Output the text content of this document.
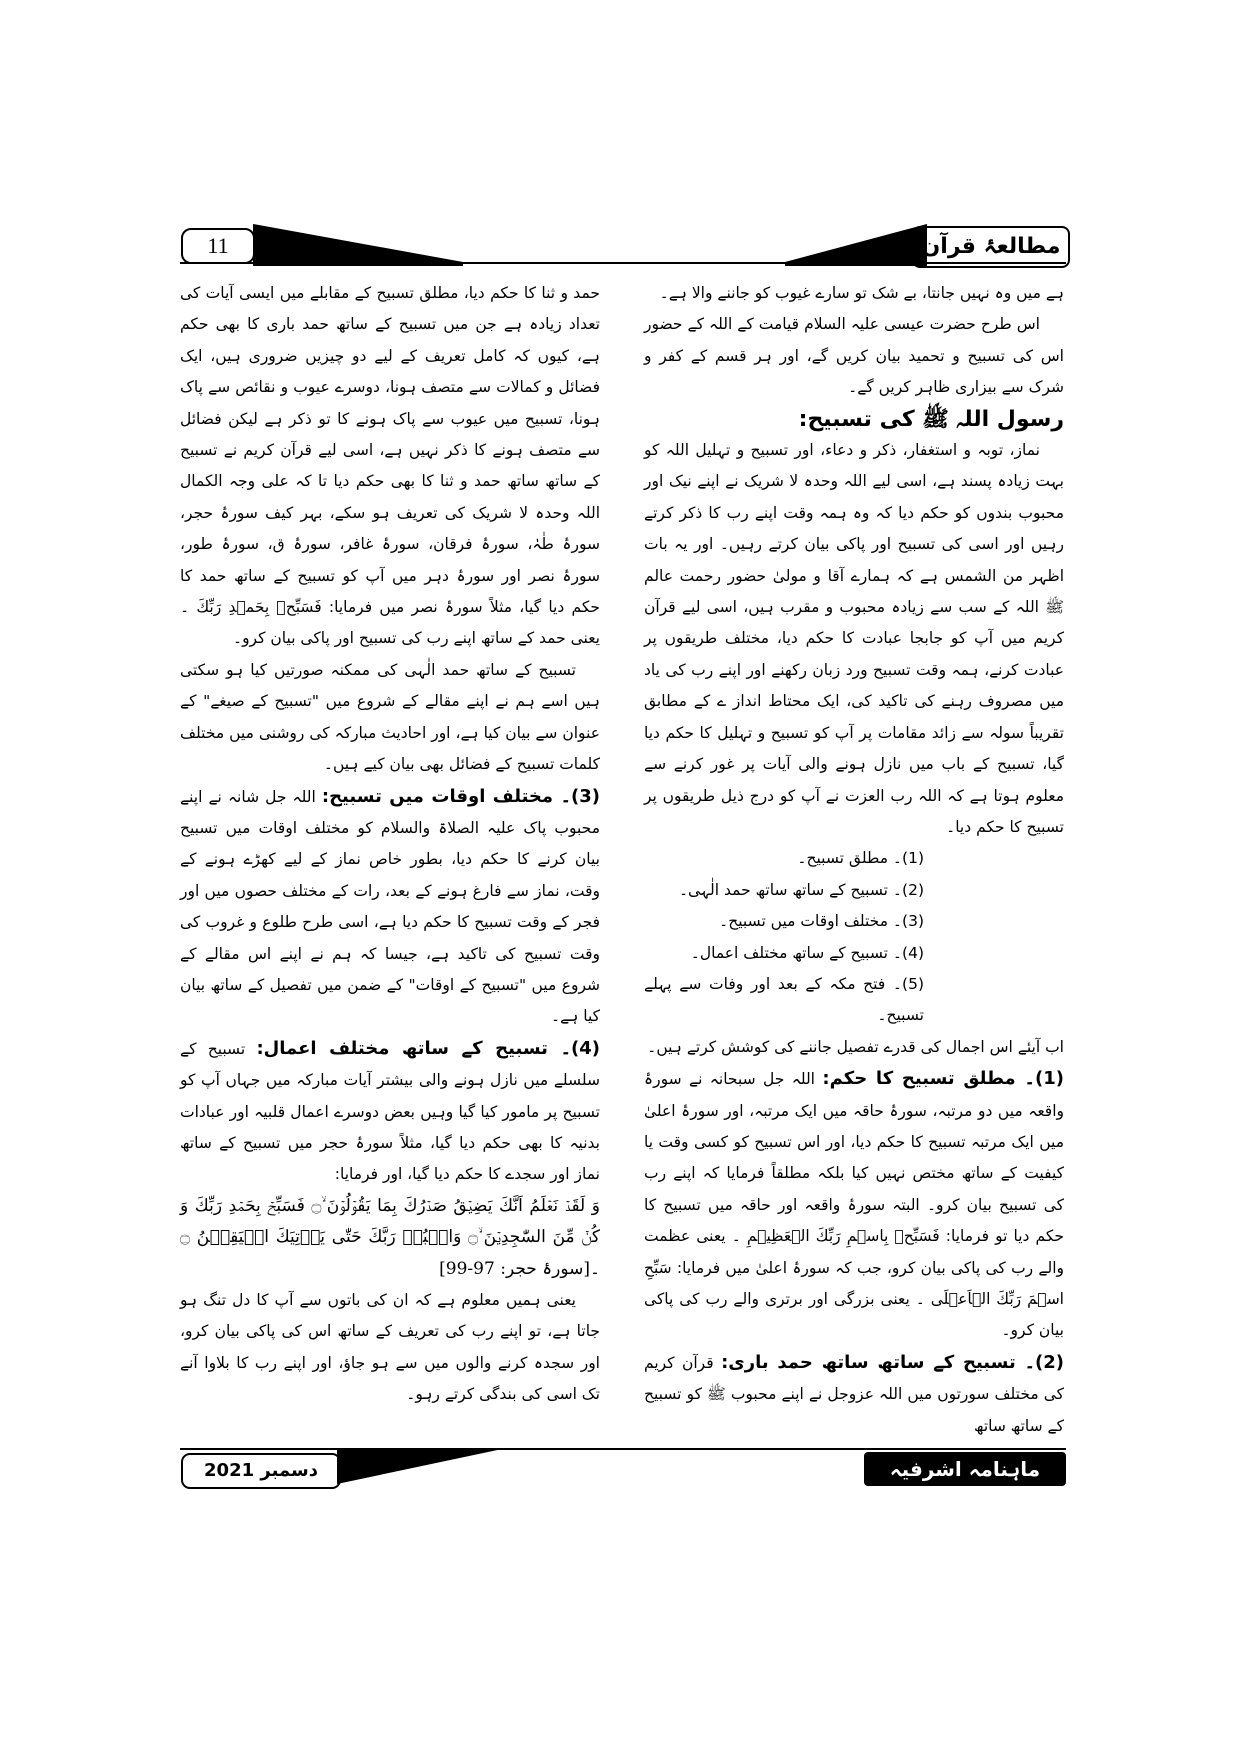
11	مطالعۂ قرآن

ہے میں وہ نہیں جانتا، بے شک تو سارے غیوب کو جاننے والا ہے۔

اس طرح حضرت عیسی علیہ السلام قیامت کے اللہ کے حضور اس کی تسبیح و تحمید بیان کریں گے، اور ہر قسم کے کفر و شرک سے بیزاری ظاہر کریں گے۔

رسول اللہ ﷺ کی تسبیح:

نماز، توبہ و استغفار، ذکر و دعاء، اور تسبیح و تہلیل اللہ کو بہت زیادہ پسند ہے، اسی لیے اللہ وحدہ لا شریک نے اپنے نیک اور محبوب بندوں کو حکم دیا کہ وہ ہمہ وقت اپنے رب کا ذکر کرتے رہیں اور اسی کی تسبیح اور پاکی بیان کرتے رہیں۔ اور یہ بات اظہر من الشمس ہے کہ ہمارے آقا و مولیٰ حضور رحمت عالم ﷺ اللہ کے سب سے زیادہ محبوب و مقرب ہیں، اسی لیے قرآن کریم میں آپ کو جابجا عبادت کا حکم دیا، مختلف طریقوں پر عبادت کرنے، ہمہ وقت تسبیح ورد زبان رکھنے اور اپنے رب کی یاد میں مصروف رہنے کی تاکید کی، ایک محتاط انداز ے کے مطابق تقریباً سولہ سے زائد مقامات پر آپ کو تسبیح و تہلیل کا حکم دیا گیا، تسبیح کے باب میں نازل ہونے والی آیات پر غور کرنے سے معلوم ہوتا ہے کہ اللہ رب العزت نے آپ کو درج ذیل طریقوں پر تسبیح کا حکم دیا۔

(1)۔ مطلق تسبیح۔

(2)۔ تسبیح کے ساتھ ساتھ حمد الٰہی۔

(3)۔ مختلف اوقات میں تسبیح۔

(4)۔ تسبیح کے ساتھ مختلف اعمال۔

(5)۔ فتح مکہ کے بعد اور وفات سے پہلے تسبیح۔

اب آیئے اس اجمال کی قدرے تفصیل جاننے کی کوشش کرتے ہیں۔

(1)۔ مطلق تسبیح کا حکم: اللہ جل سبحانہ نے سورۂ واقعہ میں دو مرتبہ، سورۂ حاقہ میں ایک مرتبہ، اور سورۂ اعلیٰ میں ایک مرتبہ تسبیح کا حکم دیا، اور اس تسبیح کو کسی وقت یا کیفیت کے ساتھ مختص نہیں کیا بلکہ مطلقاً فرمایا کہ اپنے رب کی تسبیح بیان کرو۔ البتہ سورۂ واقعہ اور حاقہ میں تسبیح کا حکم دیا تو فرمایا: فَسَبِّحۡ بِاسۡمِ رَبِّكَ الۡعَظِيۡمِ ۔ یعنی عظمت والے رب کی پاکی بیان کرو، جب کہ سورۂ اعلیٰ میں فرمایا: سَبِّحِ اسۡمَ رَبِّكَ الۡاَعۡلَى ۔ یعنی بزرگی اور برتری والے رب کی پاکی بیان کرو۔

(2)۔ تسبیح کے ساتھ ساتھ حمد باری: قرآن کریم کی مختلف سورتوں میں اللہ عزوجل نے اپنے محبوب ﷺ کو تسبیح کے ساتھ ساتھ

حمد و ثنا کا حکم دیا، مطلق تسبیح کے مقابلے میں ایسی آیات کی تعداد زیادہ ہے جن میں تسبیح کے ساتھ حمد باری کا بھی حکم ہے، کیوں کہ کامل تعریف کے لیے دو چیزیں ضروری ہیں، ایک فضائل و کمالات سے متصف ہونا، دوسرے عیوب و نقائص سے پاک ہونا، تسبیح میں عیوب سے پاک ہونے کا تو ذکر ہے لیکن فضائل سے متصف ہونے کا ذکر نہیں ہے، اسی لیے قرآن کریم نے تسبیح کے ساتھ ساتھ حمد و ثنا کا بھی حکم دیا تا کہ علی وجہ الکمال اللہ وحدہ لا شریک کی تعریف ہو سکے، بہر کیف سورۂ حجر، سورۂ طٰہٰ، سورۂ فرقان، سورۂ غافر، سورۂ ق، سورۂ طور، سورۂ نصر اور سورۂ دہر میں آپ کو تسبیح کے ساتھ حمد کا حکم دیا گیا، مثلاً سورۂ نصر میں فرمایا: فَسَبِّحۡ بِحَمۡدِ رَبِّكَ ۔ یعنی حمد کے ساتھ اپنے رب کی تسبیح اور پاکی بیان کرو۔

تسبیح کے ساتھ حمد الٰہی کی ممکنہ صورتیں کیا ہو سکتی ہیں اسے ہم نے اپنے مقالے کے شروع میں "تسبیح کے صیغے" کے عنوان سے بیان کیا ہے، اور احادیث مبارکہ کی روشنی میں مختلف کلمات تسبیح کے فضائل بھی بیان کیے ہیں۔

(3)۔ مختلف اوقات میں تسبیح: اللہ جل شانہ نے اپنے محبوب پاک علیہ الصلاۃ والسلام کو مختلف اوقات میں تسبیح بیان کرنے کا حکم دیا، بطور خاص نماز کے لیے کھڑے ہونے کے وقت، نماز سے فارغ ہونے کے بعد، رات کے مختلف حصوں میں اور فجر کے وقت تسبیح کا حکم دیا ہے، اسی طرح طلوع و غروب کی وقت تسبیح کی تاکید ہے، جیسا کہ ہم نے اپنے اس مقالے کے شروع میں "تسبیح کے اوقات" کے ضمن میں تفصیل کے ساتھ بیان کیا ہے۔

(4)۔ تسبیح کے ساتھ مختلف اعمال: تسبیح کے سلسلے میں نازل ہونے والی بیشتر آیات مبارکہ میں جہاں آپ کو تسبیح پر مامور کیا گیا وہیں بعض دوسرے اعمال قلبیہ اور عبادات بدنیہ کا بھی حکم دیا گیا، مثلاً سورۂ حجر میں تسبیح کے ساتھ نماز اور سجدے کا حکم دیا گیا، اور فرمایا:

وَ لَقَدۡ نَعۡلَمُ اَنَّكَ يَضِيۡقُ صَدۡرُكَ بِمَا يَقُوۡلُوۡنَ ۙ۝ فَسَبِّحۡ بِحَمۡدِ رَبِّكَ وَ كُنۡ مِّنَ السّٰجِدِيۡنَ ۙ۝ وَاعۡبُدۡ رَبَّكَ حَتّٰى يَاۡتِيَكَ الۡيَقِيۡنُ ۝ ۔[سورۂ حجر: 97-99]

یعنی ہمیں معلوم ہے کہ ان کی باتوں سے آپ کا دل تنگ ہو جاتا ہے، تو اپنے رب کی تعریف کے ساتھ اس کی پاکی بیان کرو، اور سجدہ کرنے والوں میں سے ہو جاؤ، اور اپنے رب کا بلاوا آنے تک اسی کی بندگی کرتے رہو۔

دسمبر 2021	ماہنامہ اشرفیہ
